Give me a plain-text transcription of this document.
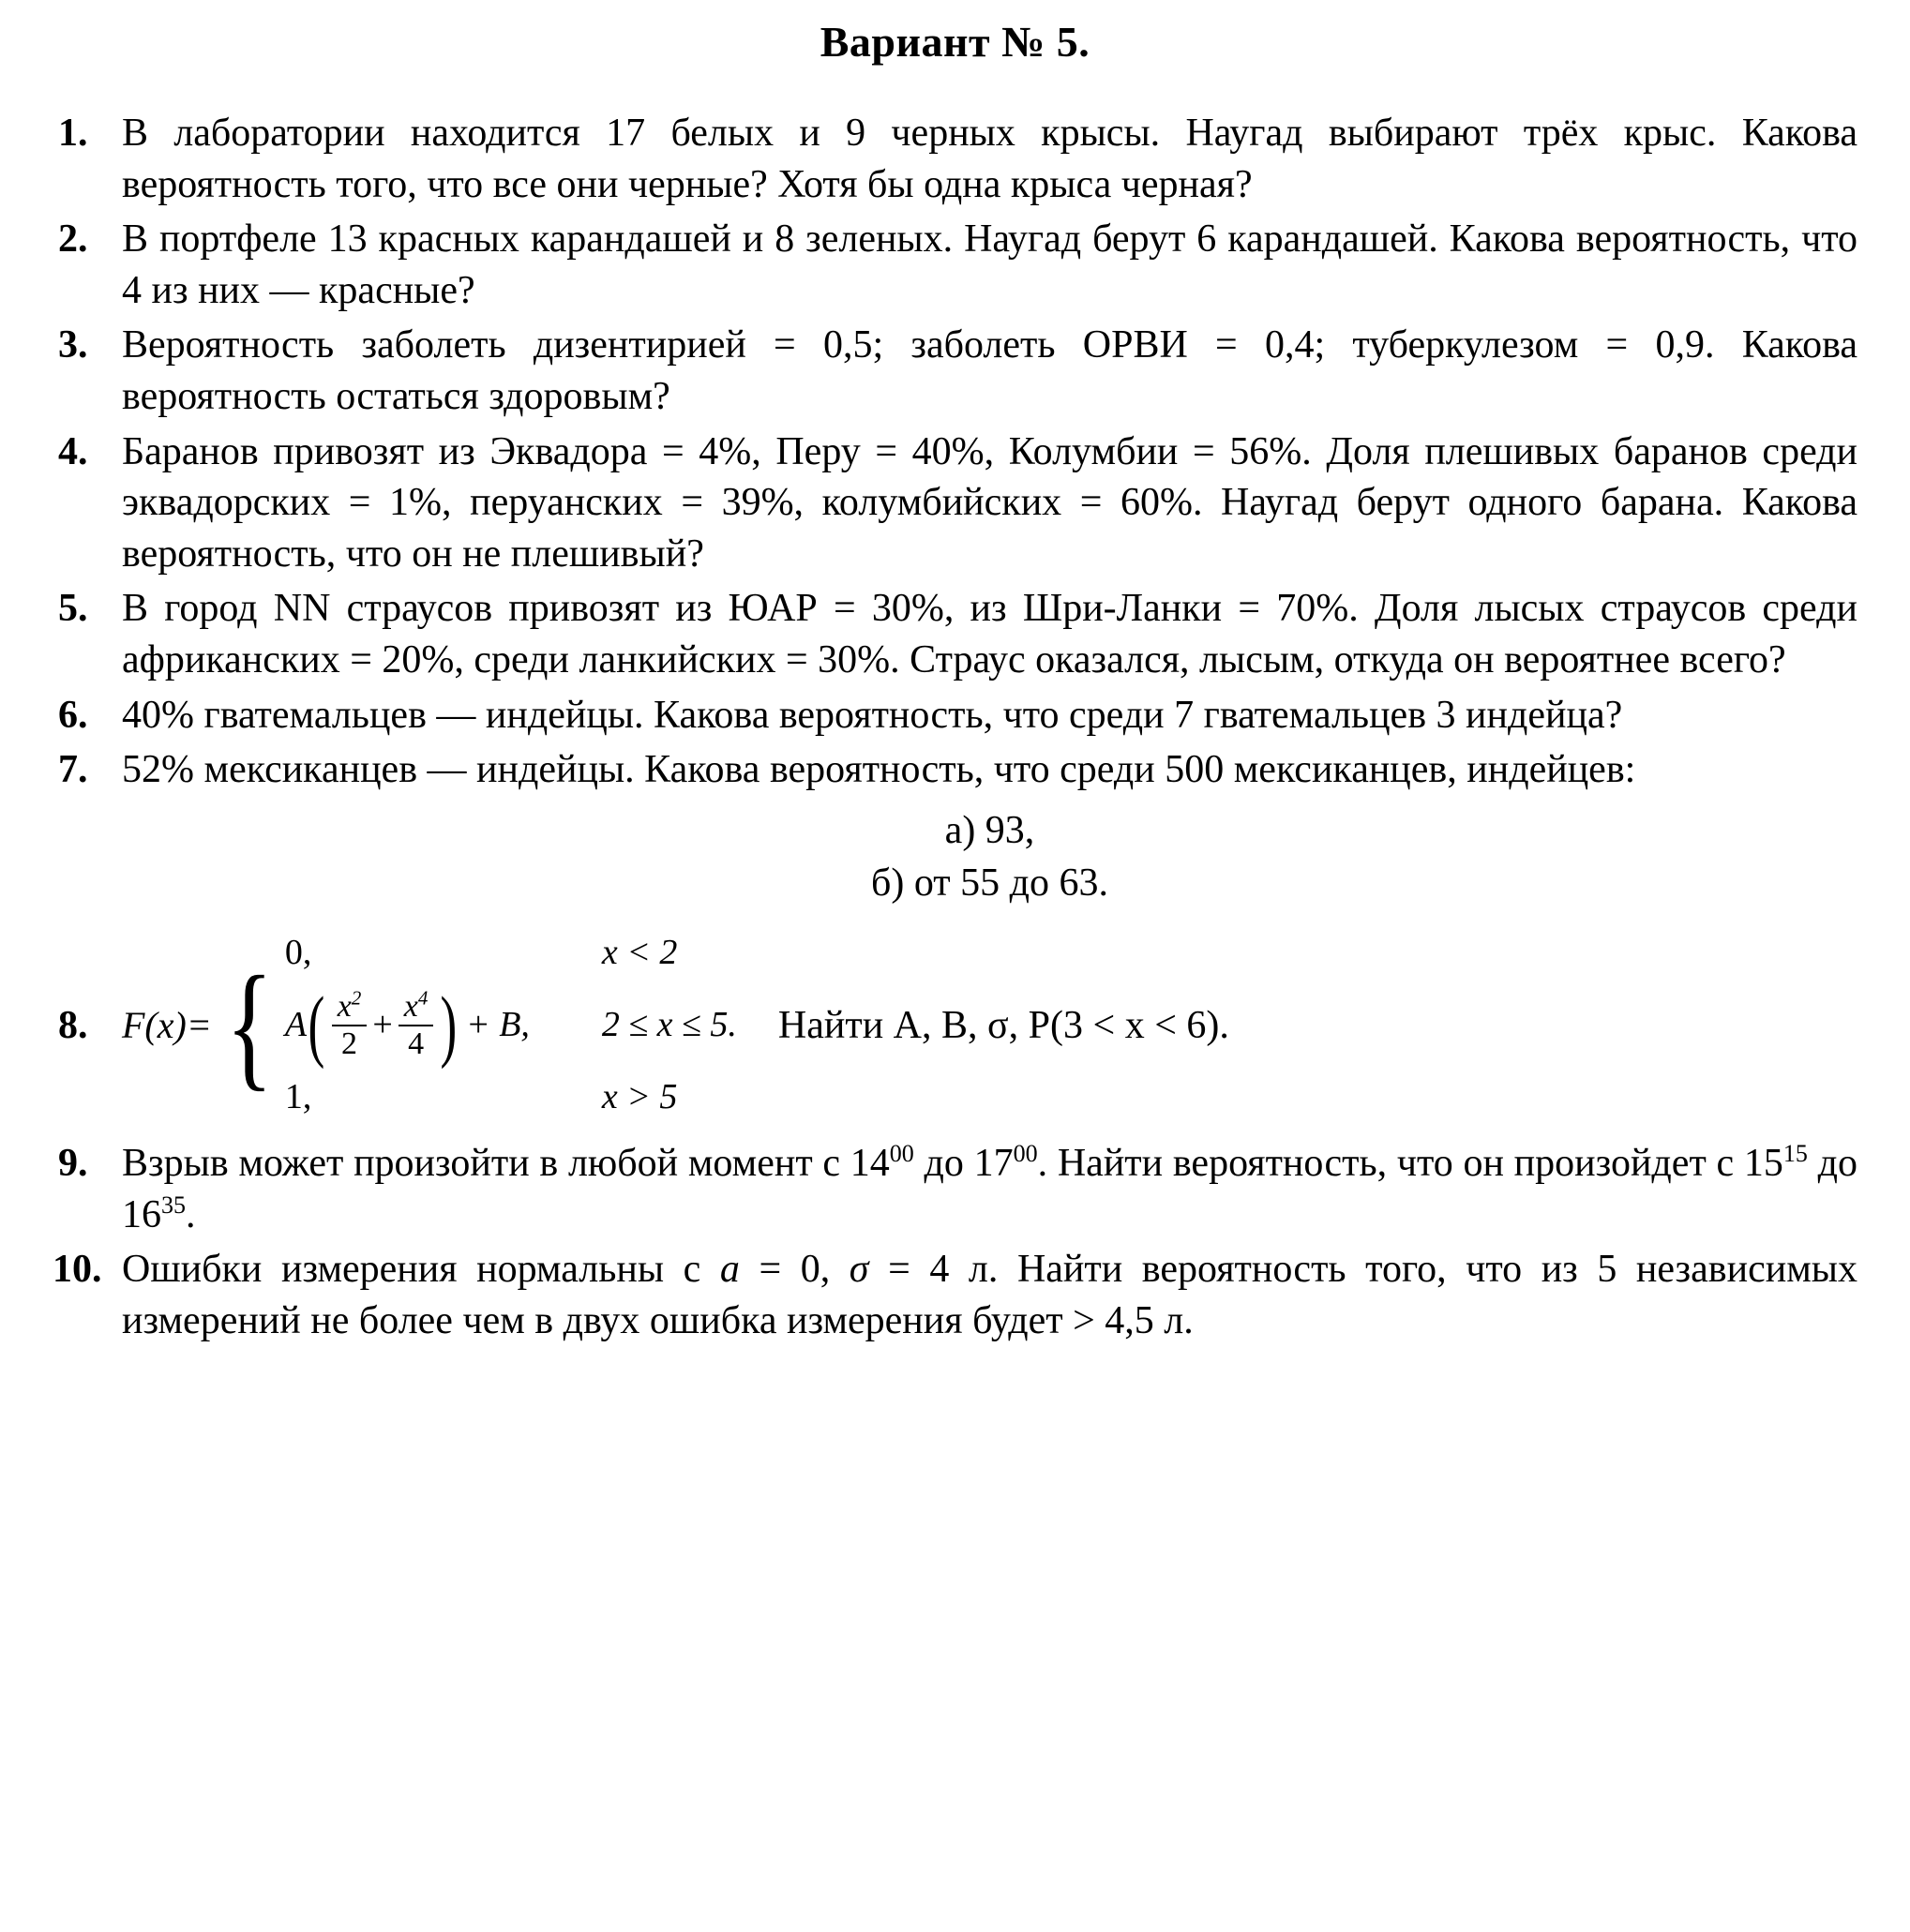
Вариант № 5.
1. В лаборатории находится 17 белых и 9 черных крысы. Наугад выбирают трёх крыс. Какова вероятность того, что все они черные? Хотя бы одна крыса черная?
2. В портфеле 13 красных карандашей и 8 зеленых. Наугад берут 6 карандашей. Какова вероятность, что 4 из них — красные?
3. Вероятность заболеть дизентирией = 0,5; заболеть ОРВИ = 0,4; туберкулезом = 0,9. Какова вероятность остаться здоровым?
4. Баранов привозят из Эквадора = 4%, Перу = 40%, Колумбии = 56%. Доля плешивых баранов среди эквадорских = 1%, перуанских = 39%, колумбийских = 60%. Наугад берут одного барана. Какова вероятность, что он не плешивый?
5. В город NN страусов привозят из ЮАР = 30%, из Шри-Ланки = 70%. Доля лысых страусов среди африканских = 20%, среди ланкийских = 30%. Страус оказался, лысым, откуда он вероятнее всего?
6. 40% гватемальцев — индейцы. Какова вероятность, что среди 7 гватемальцев 3 индейца?
7. 52% мексиканцев — индейцы. Какова вероятность, что среди 500 мексиканцев, индейцев:
а) 93,
б) от 55 до 63.
8. F(x)= { 0,	x < 2
A ( $\frac{x^2}{2} + \frac{x^4}{4}$ ) + B, 2 ≤ x ≤ 5.
1,	x > 5
Найти A, B, σ, P(3 < x < 6).
9. Взрыв может произойти в любой момент с $14^{00}$ до $17^{00}$. Найти вероятность, что он произойдет с $15^{15}$ до $16^{35}$.
10. Ошибки измерения нормальны с a = 0, σ = 4 л. Найти вероятность того, что из 5 независимых измерений не более чем в двух ошибка измерения будет > 4,5 л.
